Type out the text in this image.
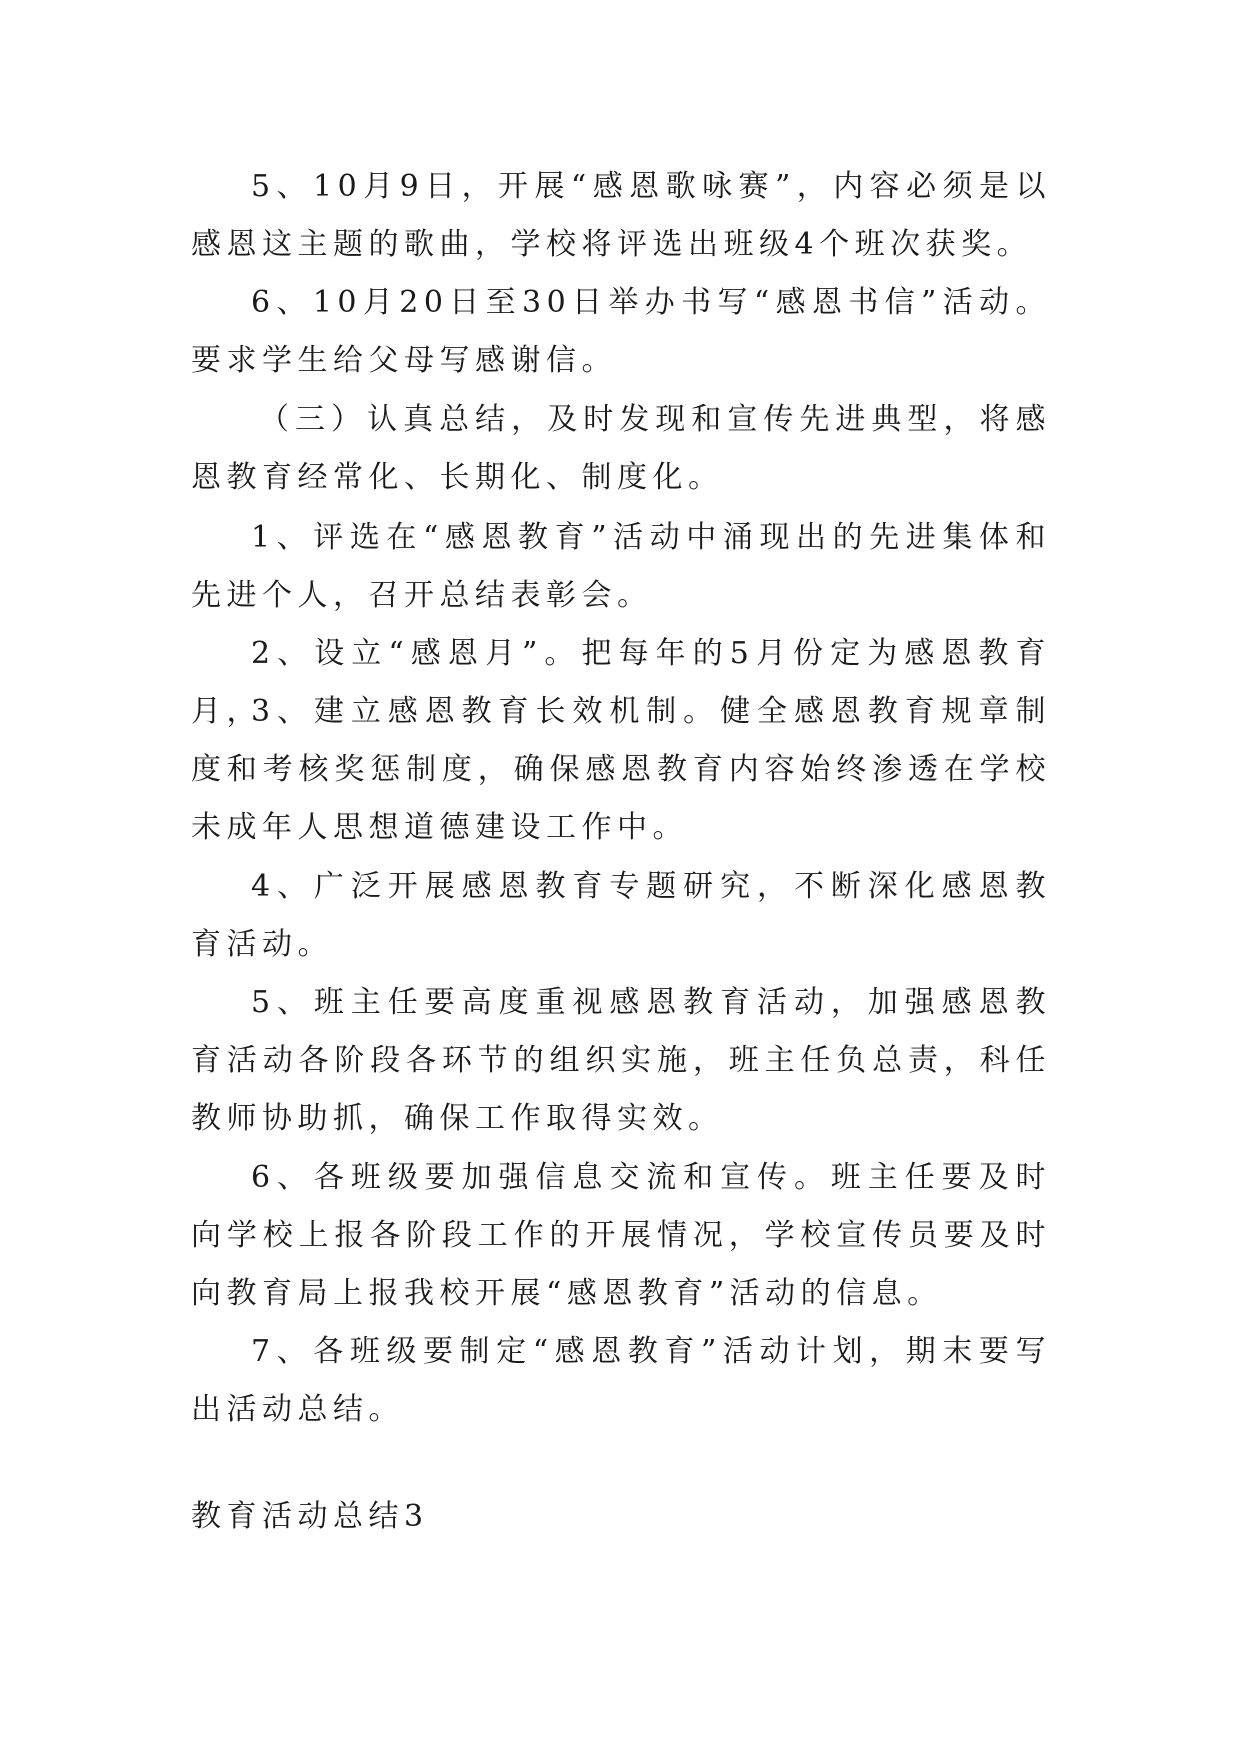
5、10月9日，开展“感恩歌咏赛”，内容必须是以感恩这主题的歌曲，学校将评选出班级4个班次获奖。

6、10月20日至30日举办书写“感恩书信”活动。要求学生给父母写感谢信。

（三）认真总结，及时发现和宣传先进典型，将感恩教育经常化、长期化、制度化。

1、评选在“感恩教育”活动中涌现出的先进集体和先进个人，召开总结表彰会。

2、设立“感恩月”。把每年的5月份定为感恩教育月，

3、建立感恩教育长效机制。健全感恩教育规章制度和考核奖惩制度，确保感恩教育内容始终渗透在学校未成年人思想道德建设工作中。

4、广泛开展感恩教育专题研究，不断深化感恩教育活动。

5、班主任要高度重视感恩教育活动，加强感恩教育活动各阶段各环节的组织实施，班主任负总责，科任教师协助抓，确保工作取得实效。

6、各班级要加强信息交流和宣传。班主任要及时向学校上报各阶段工作的开展情况，学校宣传员要及时向教育局上报我校开展“感恩教育”活动的信息。

7、各班级要制定“感恩教育”活动计划，期末要写出活动总结。

教育活动总结3
